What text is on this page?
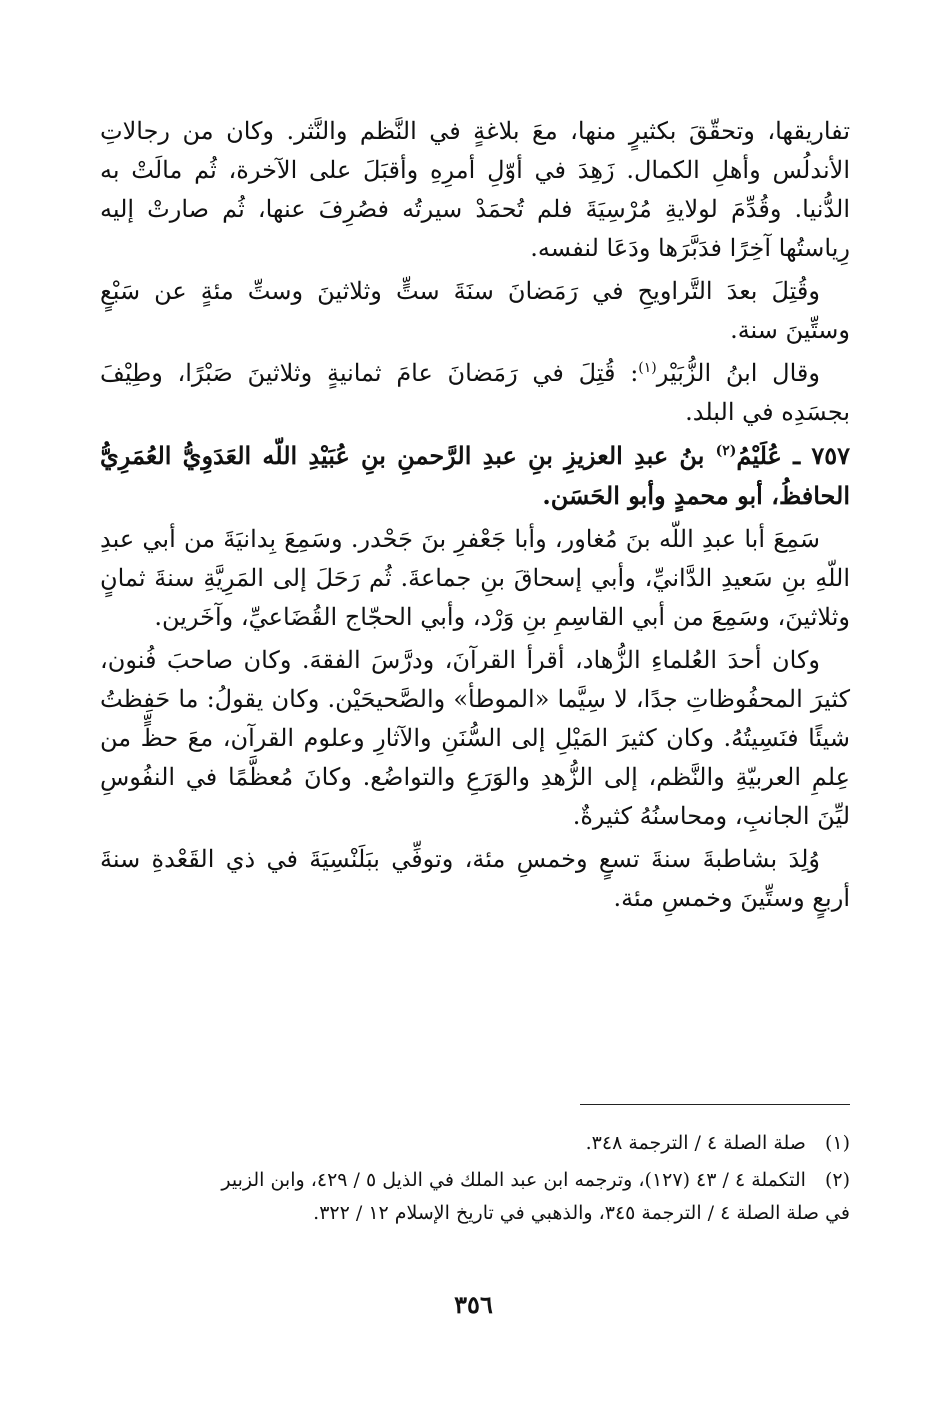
تفاريقها، وتحقّقَ بكثيرٍ منها، معَ بلاغةٍ في النَّظم والنَّثر. وكان من رجالاتِ الأندلُس وأهلِ الكمال. زَهِدَ في أوّلِ أمرِهِ وأقبَلَ على الآخرة، ثُم مالَتْ به الدُّنيا. وقُدِّمَ لولايةِ مُرْسِيَةَ فلم تُحمَدْ سيرتُه فصُرِفَ عنها، ثُم صارتْ إليه رِياستُها آخِرًا فدَبَّرَها ودَعَا لنفسه.

وقُتِلَ بعدَ التَّراويحِ في رَمَضانَ سنَةَ ستٍّ وثلاثينَ وستِّ مئةٍ عن سَبْعٍ وستِّينَ سنة.

وقال ابنُ الزُّبَيْر$^{(١)}$: قُتِلَ في رَمَضانَ عامَ ثمانيةٍ وثلاثينَ صَبْرًا، وطِيْفَ بجسَدِه في البلد.

٧٥٧ ـ عُلَيْمُ$^{(٢)}$ بنُ عبدِ العزيزِ بنِ عبدِ الرَّحمنِ بنِ عُبَيْدِ اللّه العَدَوِيُّ العُمَرِيُّ الحافظُ، أبو محمدٍ وأبو الحَسَن.

سَمِعَ أبا عبدِ اللّه بنَ مُغاور، وأبا جَعْفرِ بنَ جَحْدر. وسَمِعَ بِدانيَةَ من أبي عبدِ اللّهِ بنِ سَعيدِ الدَّانيِّ، وأبي إسحاقَ بنِ جماعةَ. ثُم رَحَلَ إلى المَرِيَّةِ سنةَ ثمانٍ وثلاثينَ، وسَمِعَ من أبي القاسِمِ بنِ وَرْد، وأبي الحجّاج القُضَاعيِّ، وآخَرين.

وكان أحدَ العُلماءِ الزُّهاد، أقرأ القرآنَ، ودرَّسَ الفقهَ. وكان صاحبَ فُنون، كثيرَ المحفُوظاتِ جدًا، لا سِيَّما «الموطأ» والصَّحيحَيْن. وكان يقولُ: ما حَفِظتُ شيئًا فنَسِيتُهُ. وكان كثيرَ المَيْلِ إلى السُّنَنِ والآثارِ وعلوم القرآن، معَ حظٍّ من عِلمِ العربيّةِ والنَّظم، إلى الزُّهدِ والوَرَعِ والتواضُع. وكانَ مُعظَّمًا في النفُوسِ ليِّنَ الجانبِ، ومحاسنُهُ كثيرةٌ.

وُلِدَ بشاطبةَ سنةَ تسعٍ وخمسِ مئة، وتوفِّي ببَلَنْسِيَةَ في ذي القَعْدةِ سنةَ أربعٍ وستِّينَ وخمسِ مئة.

(١) صلة الصلة ٤ / الترجمة ٣٤٨.
(٢) التكملة ٤ / ٤٣ (١٢٧)، وترجمه ابن عبد الملك في الذيل ٥ / ٤٢٩، وابن الزبير
في صلة الصلة ٤ / الترجمة ٣٤٥، والذهبي في تاريخ الإسلام ١٢ / ٣٢٢.
٣٥٦
